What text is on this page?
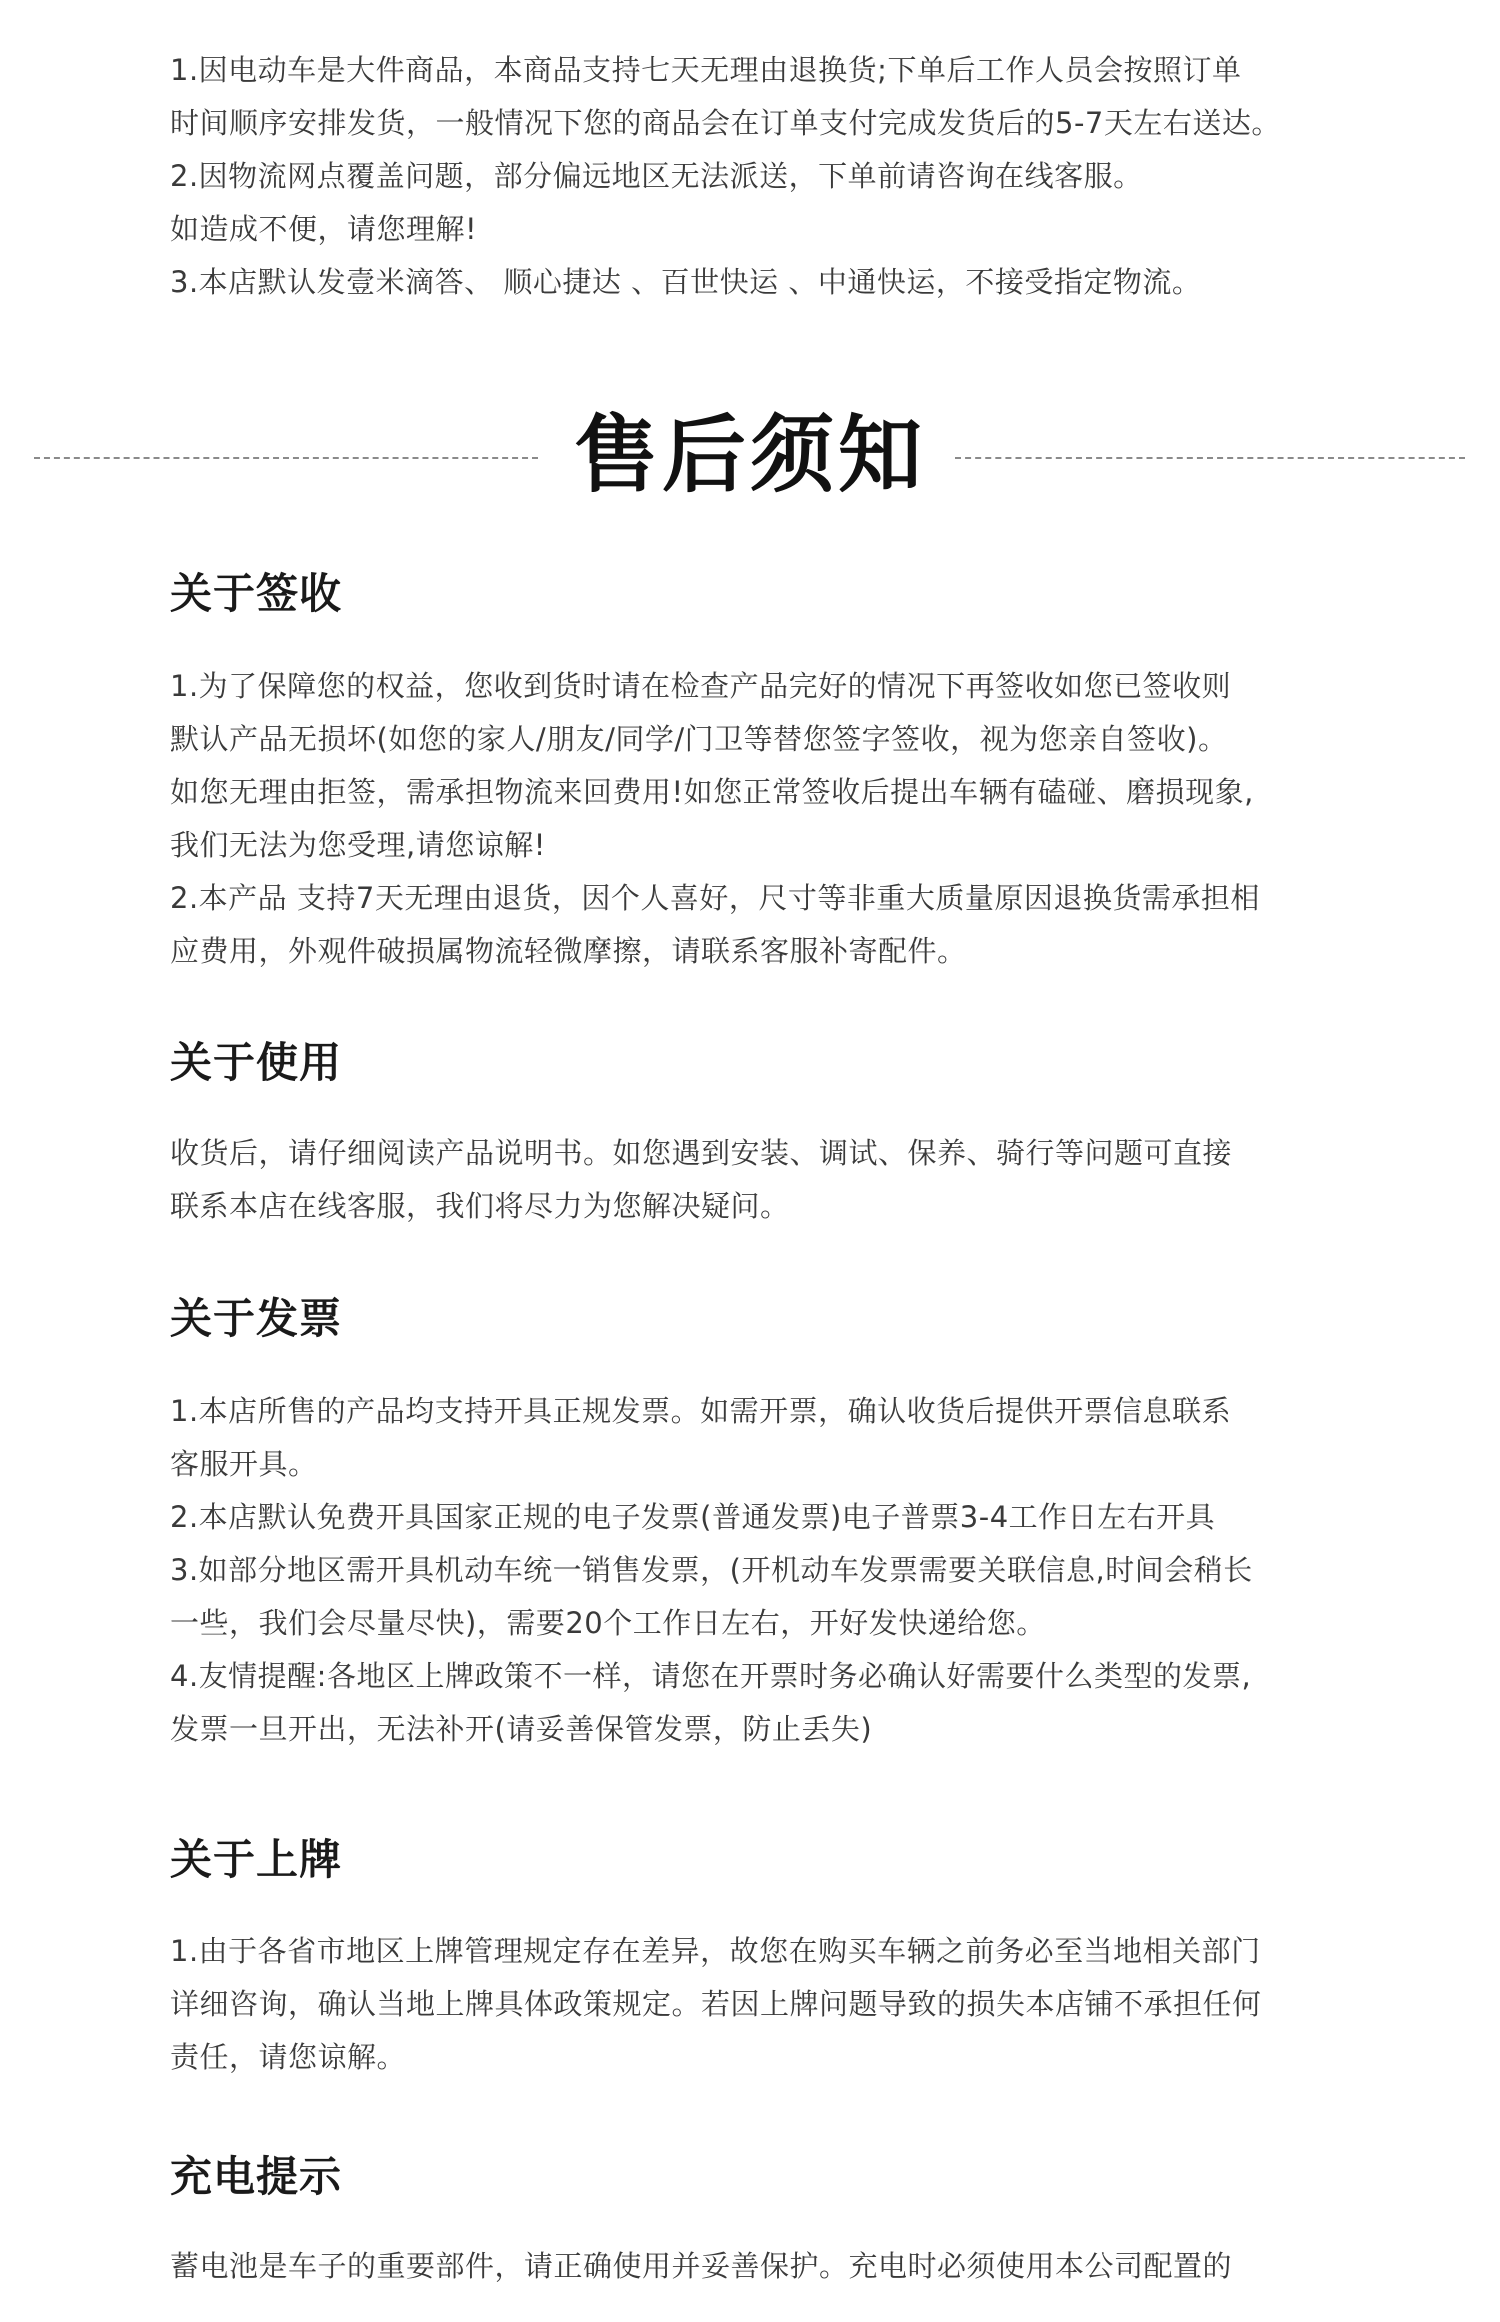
1.因电动车是大件商品，本商品支持七天无理由退换货;下单后工作人员会按照订单
时间顺序安排发货，一般情况下您的商品会在订单支付完成发货后的5-7天左右送达。
2.因物流网点覆盖问题，部分偏远地区无法派送，下单前请咨询在线客服。
如造成不便，请您理解!
3.本店默认发壹米滴答、 顺心捷达 、百世快运 、中通快运，不接受指定物流。
售后须知
关于签收
1.为了保障您的权益，您收到货时请在检查产品完好的情况下再签收如您已签收则
默认产品无损坏(如您的家人/朋友/同学/门卫等替您签字签收，视为您亲自签收)。
如您无理由拒签，需承担物流来回费用!如您正常签收后提出车辆有磕碰、磨损现象,
我们无法为您受理,请您谅解!
2.本产品 支持7天无理由退货，因个人喜好，尺寸等非重大质量原因退换货需承担相
应费用，外观件破损属物流轻微摩擦，请联系客服补寄配件。
关于使用
收货后，请仔细阅读产品说明书。如您遇到安装、调试、保养、骑行等问题可直接
联系本店在线客服，我们将尽力为您解决疑问。
关于发票
1.本店所售的产品均支持开具正规发票。如需开票，确认收货后提供开票信息联系
客服开具。
2.本店默认免费开具国家正规的电子发票(普通发票)电子普票3-4工作日左右开具
3.如部分地区需开具机动车统一销售发票，(开机动车发票需要关联信息,时间会稍长
一些，我们会尽量尽快)，需要20个工作日左右，开好发快递给您。
4.友情提醒:各地区上牌政策不一样，请您在开票时务必确认好需要什么类型的发票,
发票一旦开出，无法补开(请妥善保管发票，防止丢失)
关于上牌
1.由于各省市地区上牌管理规定存在差异，故您在购买车辆之前务必至当地相关部门
详细咨询，确认当地上牌具体政策规定。若因上牌问题导致的损失本店铺不承担任何
责任，请您谅解。
充电提示
蓄电池是车子的重要部件，请正确使用并妥善保护。充电时必须使用本公司配置的
